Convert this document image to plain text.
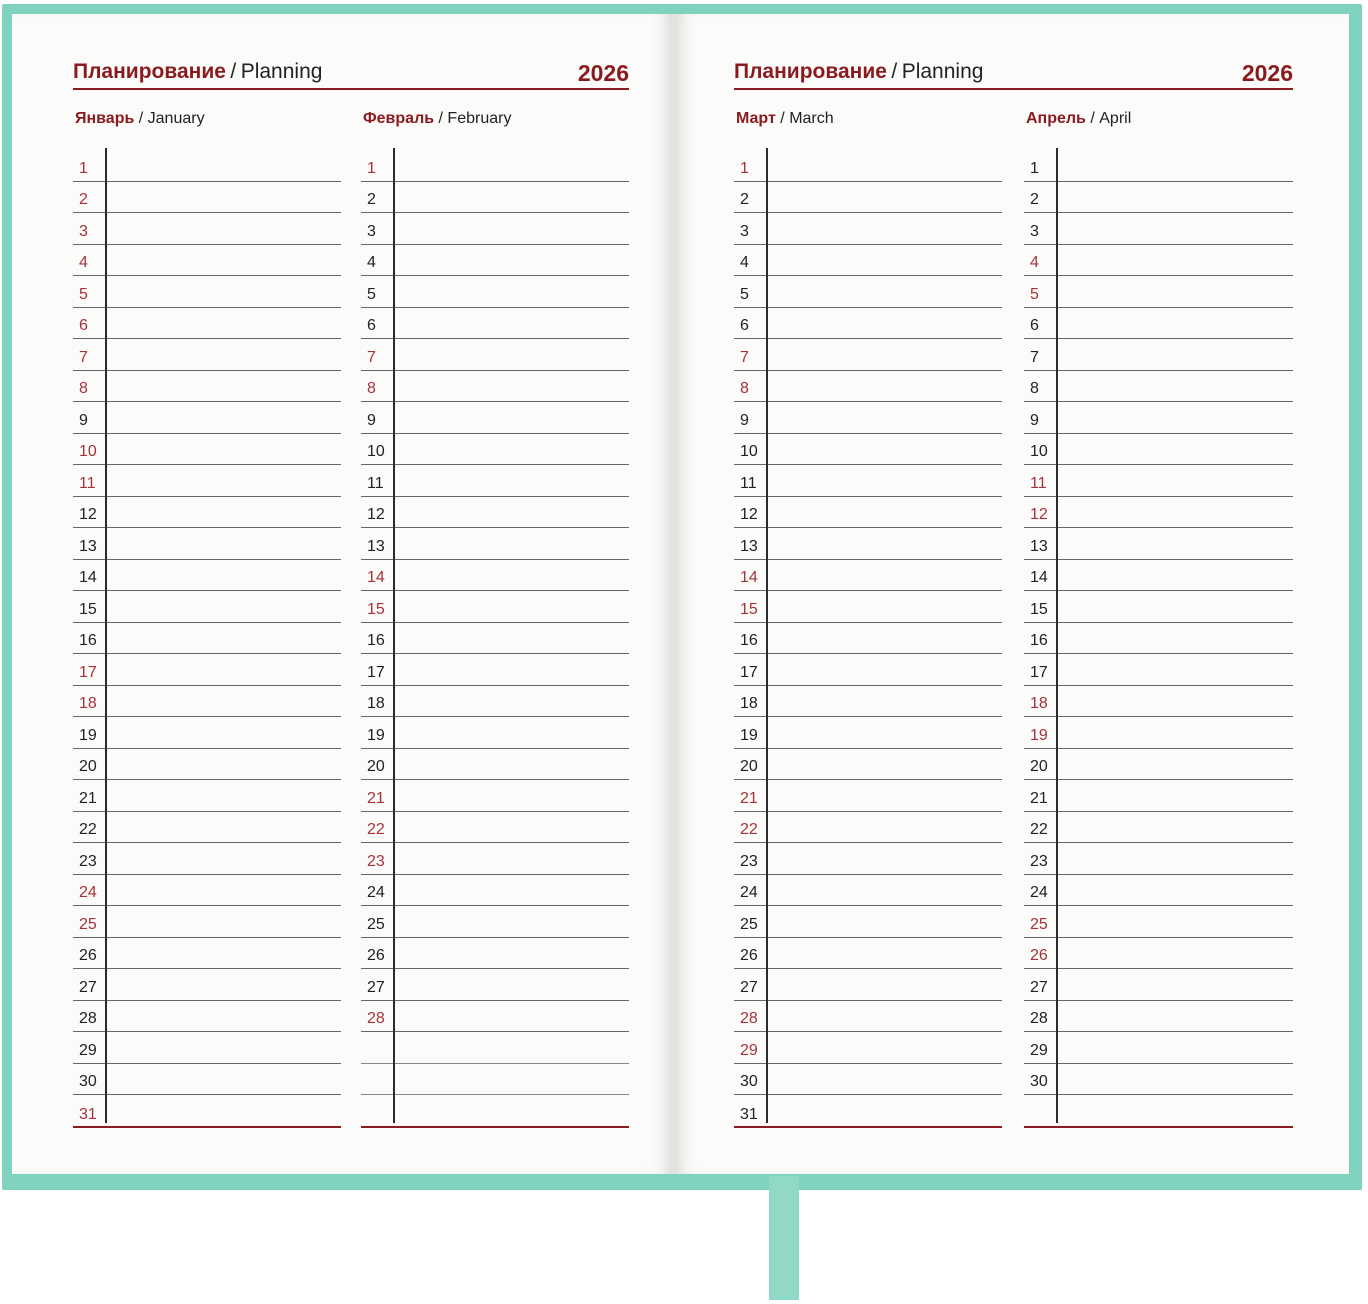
Планирование / Planning	2026
Январь / January
1
2
3
4
5
6
7
8
9
10
11
12
13
14
15
16
17
18
19
20
21
22
23
24
25
26
27
28
29
30
31
Февраль / February
1
2
3
4
5
6
7
8
9
10
11
12
13
14
15
16
17
18
19
20
21
22
23
24
25
26
27
28
Планирование / Planning	2026
Март / March
1
2
3
4
5
6
7
8
9
10
11
12
13
14
15
16
17
18
19
20
21
22
23
24
25
26
27
28
29
30
31
Апрель / April
1
2
3
4
5
6
7
8
9
10
11
12
13
14
15
16
17
18
19
20
21
22
23
24
25
26
27
28
29
30
